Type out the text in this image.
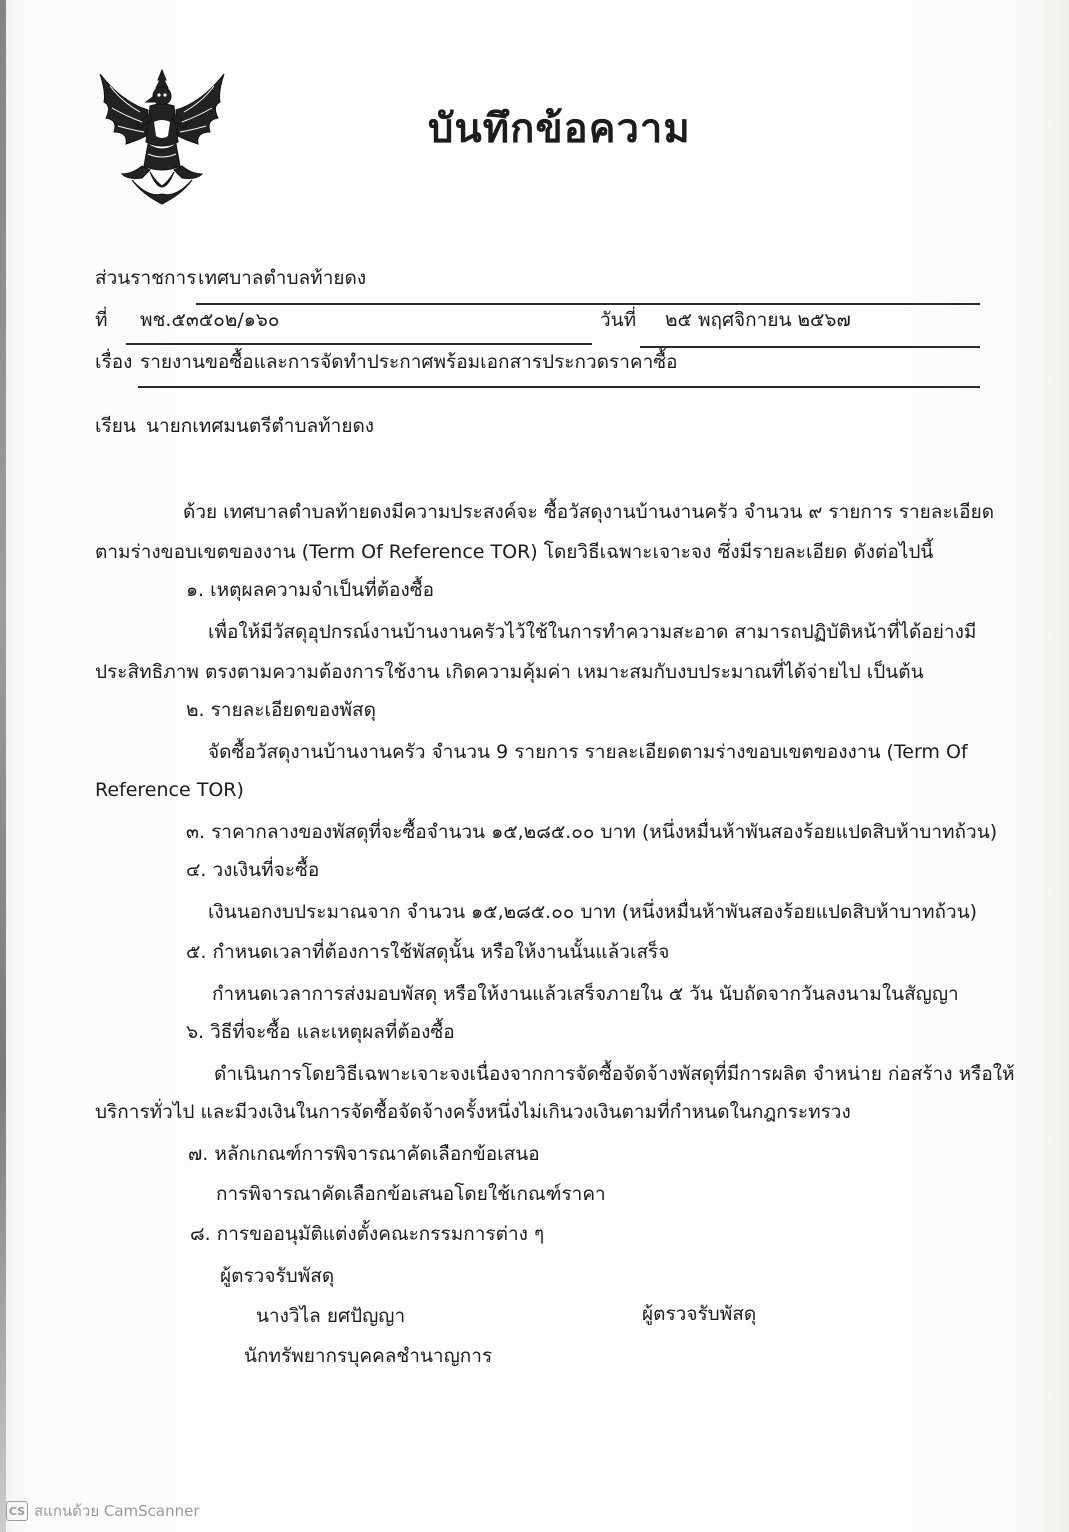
บันทึกข้อความ
ส่วนราชการ เทศบาลตำบลท้ายดง
ที่ พช.๕๓๕๐๒/๑๖๐	วันที่ ๒๕ พฤศจิกายน ๒๕๖๗
เรื่อง รายงานขอซื้อและการจัดทำประกาศพร้อมเอกสารประกวดราคาซื้อ
เรียน นายกเทศมนตรีตำบลท้ายดง
ด้วย เทศบาลตำบลท้ายดงมีความประสงค์จะ ซื้อวัสดุงานบ้านงานครัว จำนวน ๙ รายการ รายละเอียด
ตามร่างขอบเขตของงาน (Term Of Reference TOR) โดยวิธีเฉพาะเจาะจง ซึ่งมีรายละเอียด ดังต่อไปนี้
๑. เหตุผลความจำเป็นที่ต้องซื้อ
เพื่อให้มีวัสดุอุปกรณ์งานบ้านงานครัวไว้ใช้ในการทำความสะอาด สามารถปฏิบัติหน้าที่ได้อย่างมี
ประสิทธิภาพ ตรงตามความต้องการใช้งาน เกิดความคุ้มค่า เหมาะสมกับงบประมาณที่ได้จ่ายไป เป็นต้น
๒. รายละเอียดของพัสดุ
จัดซื้อวัสดุงานบ้านงานครัว จำนวน 9 รายการ รายละเอียดตามร่างขอบเขตของงาน (Term Of
Reference TOR)
๓. ราคากลางของพัสดุที่จะซื้อจำนวน ๑๕,๒๘๕.๐๐ บาท (หนึ่งหมื่นห้าพันสองร้อยแปดสิบห้าบาทถ้วน)
๔. วงเงินที่จะซื้อ
เงินนอกงบประมาณจาก จำนวน ๑๕,๒๘๕.๐๐ บาท (หนึ่งหมื่นห้าพันสองร้อยแปดสิบห้าบาทถ้วน)
๕. กำหนดเวลาที่ต้องการใช้พัสดุนั้น หรือให้งานนั้นแล้วเสร็จ
กำหนดเวลาการส่งมอบพัสดุ หรือให้งานแล้วเสร็จภายใน ๕ วัน นับถัดจากวันลงนามในสัญญา
๖. วิธีที่จะซื้อ และเหตุผลที่ต้องซื้อ
ดำเนินการโดยวิธีเฉพาะเจาะจงเนื่องจากการจัดซื้อจัดจ้างพัสดุที่มีการผลิต จำหน่าย ก่อสร้าง หรือให้
บริการทั่วไป และมีวงเงินในการจัดซื้อจัดจ้างครั้งหนึ่งไม่เกินวงเงินตามที่กำหนดในกฎกระทรวง
๗. หลักเกณฑ์การพิจารณาคัดเลือกข้อเสนอ
การพิจารณาคัดเลือกข้อเสนอโดยใช้เกณฑ์ราคา
๘. การขออนุมัติแต่งตั้งคณะกรรมการต่าง ๆ
ผู้ตรวจรับพัสดุ
นางวิไล ยศปัญญา	ผู้ตรวจรับพัสดุ
นักทรัพยากรบุคคลชำนาญการ
CS สแกนด้วย CamScanner
